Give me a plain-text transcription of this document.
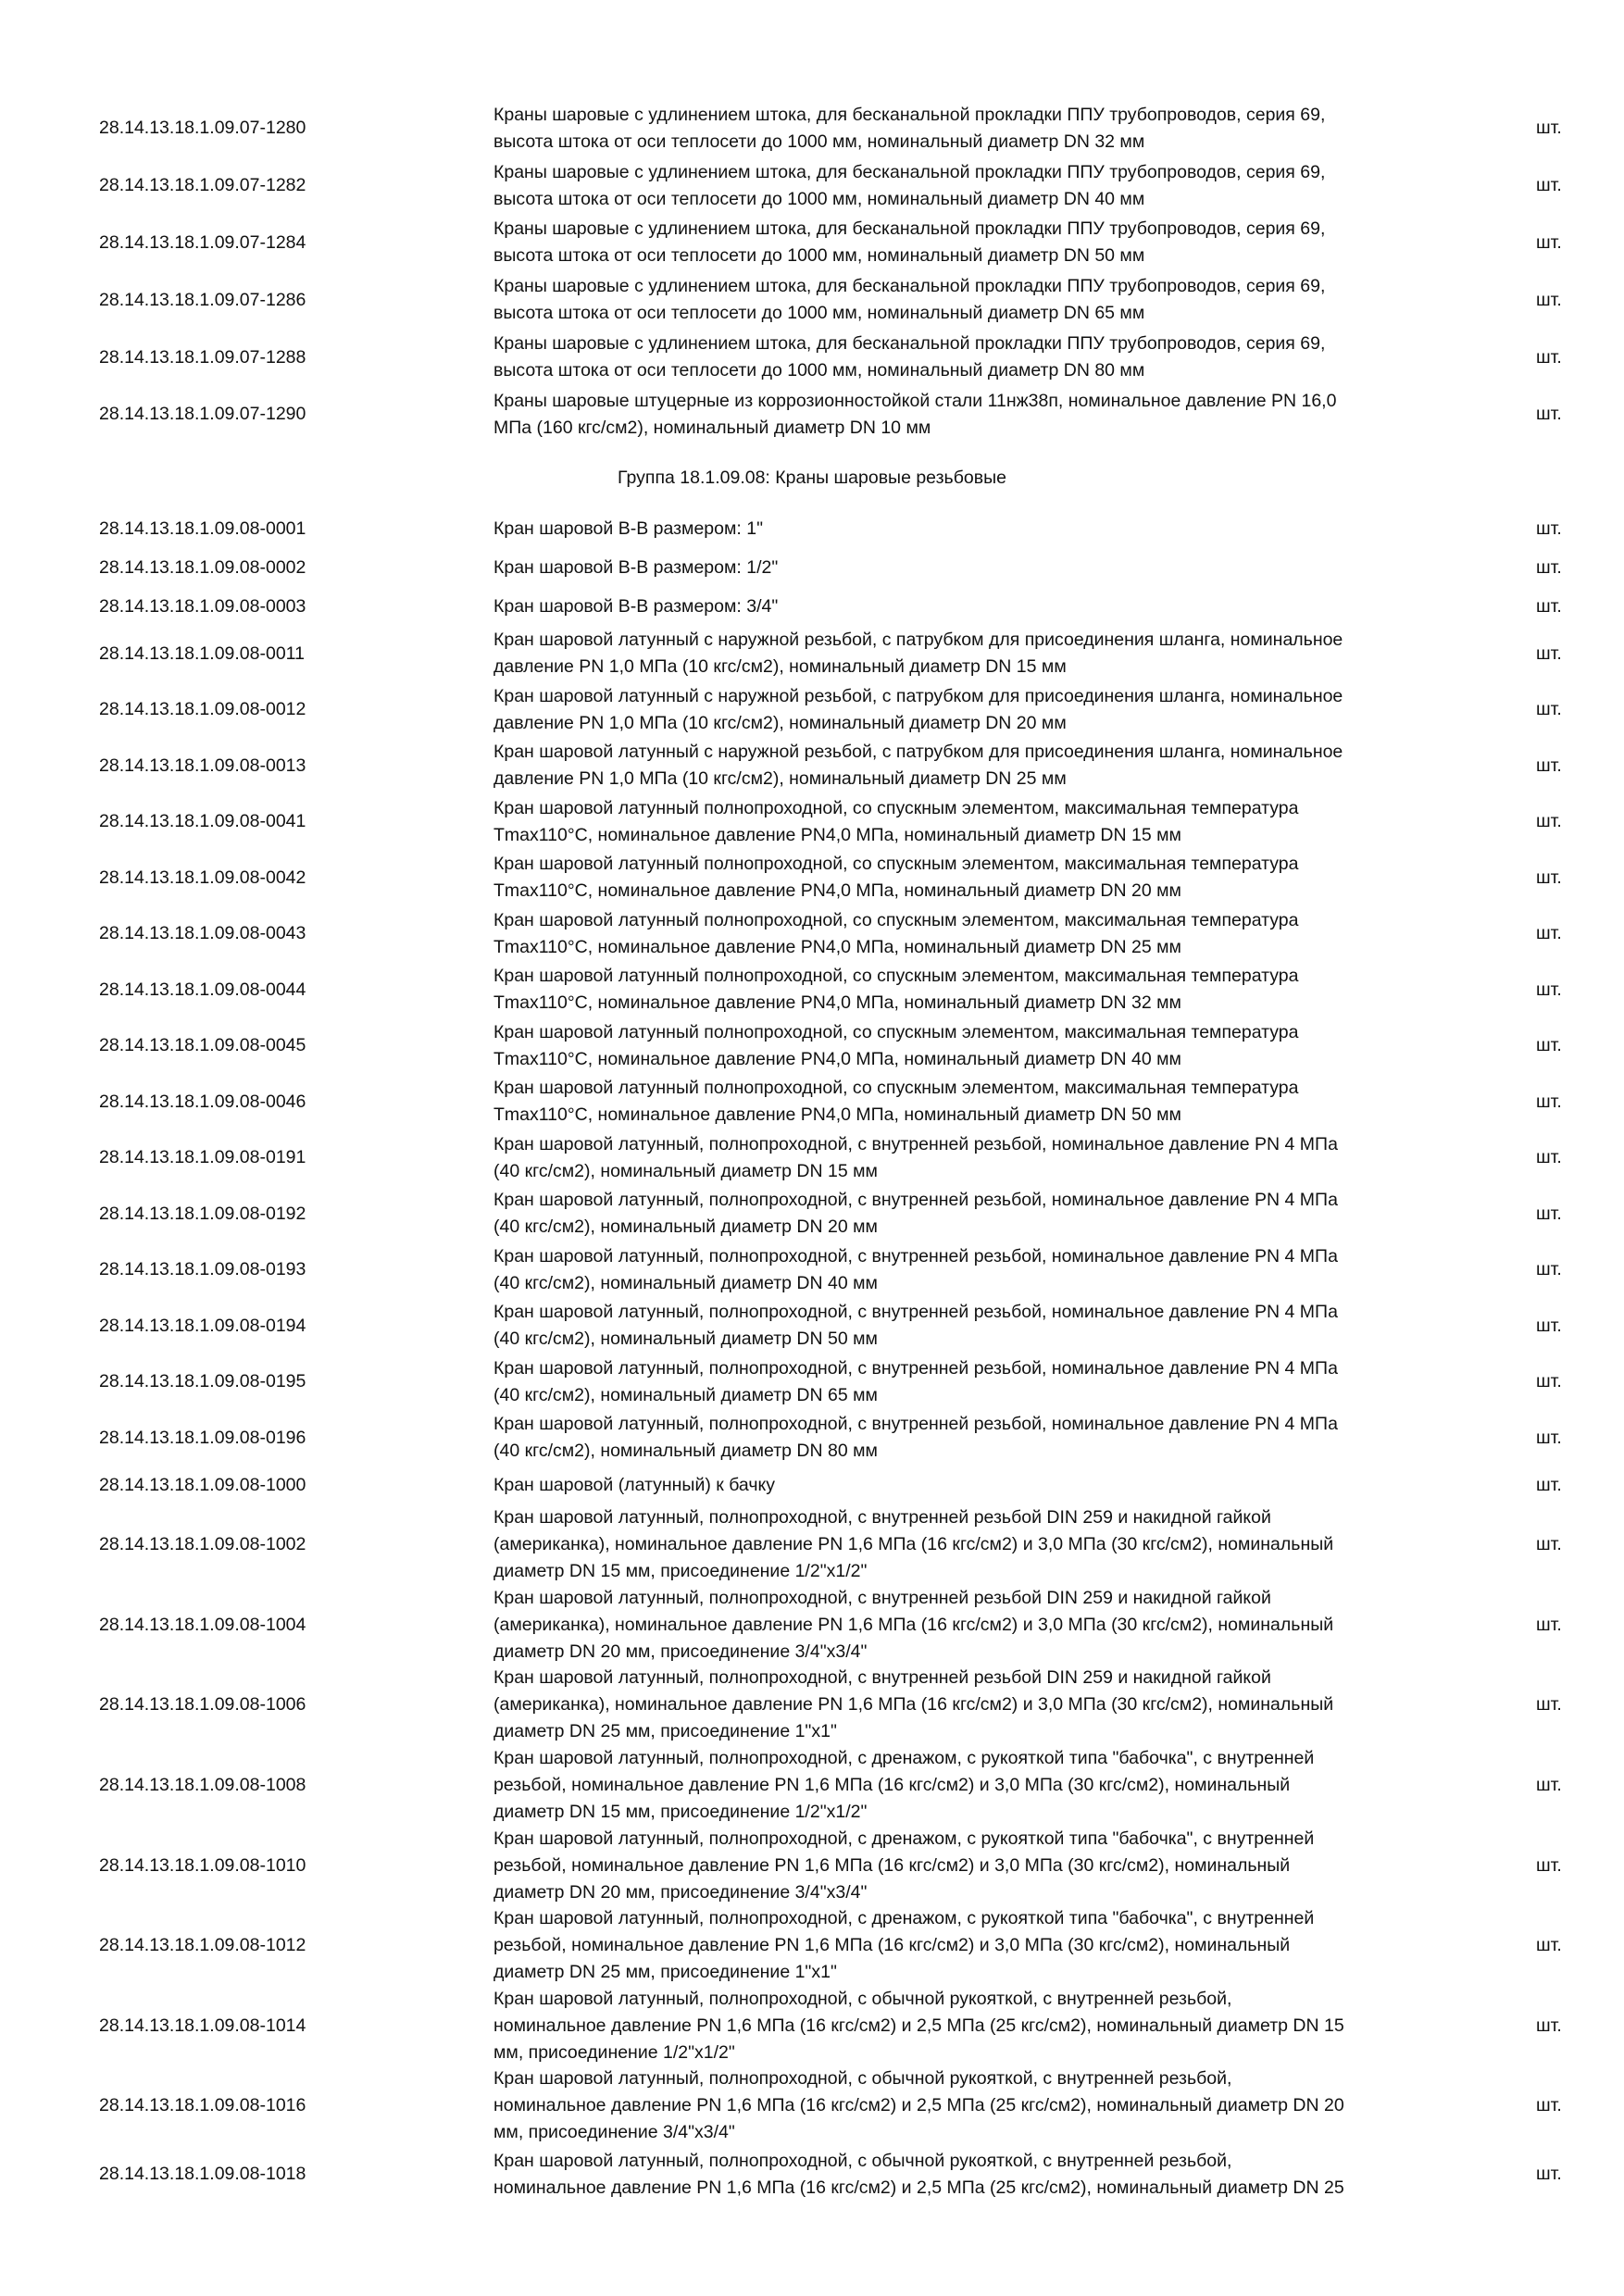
28.14.13.18.1.09.07-1280
Краны шаровые с удлинением штока, для бесканальной прокладки ППУ трубопроводов, серия 69,
высота штока от оси теплосети до 1000 мм, номинальный диаметр DN 32 мм
шт.
28.14.13.18.1.09.07-1282
Краны шаровые с удлинением штока, для бесканальной прокладки ППУ трубопроводов, серия 69,
высота штока от оси теплосети до 1000 мм, номинальный диаметр DN 40 мм
шт.
28.14.13.18.1.09.07-1284
Краны шаровые с удлинением штока, для бесканальной прокладки ППУ трубопроводов, серия 69,
высота штока от оси теплосети до 1000 мм, номинальный диаметр DN 50 мм
шт.
28.14.13.18.1.09.07-1286
Краны шаровые с удлинением штока, для бесканальной прокладки ППУ трубопроводов, серия 69,
высота штока от оси теплосети до 1000 мм, номинальный диаметр DN 65 мм
шт.
28.14.13.18.1.09.07-1288
Краны шаровые с удлинением штока, для бесканальной прокладки ППУ трубопроводов, серия 69,
высота штока от оси теплосети до 1000 мм, номинальный диаметр DN 80 мм
шт.
28.14.13.18.1.09.07-1290
Краны шаровые штуцерные из коррозионностойкой стали 11нж38п, номинальное давление PN 16,0
МПа (160 кгс/см2), номинальный диаметр DN 10 мм
шт.
Группа 18.1.09.08: Краны шаровые резьбовые
28.14.13.18.1.09.08-0001	Кран шаровой В-В размером: 1"	шт.
28.14.13.18.1.09.08-0002	Кран шаровой В-В размером: 1/2"	шт.
28.14.13.18.1.09.08-0003	Кран шаровой В-В размером: 3/4"	шт.
28.14.13.18.1.09.08-0011
Кран шаровой латунный с наружной резьбой, с патрубком для присоединения шланга, номинальное
давление PN 1,0 МПа (10 кгс/см2), номинальный диаметр DN 15 мм
шт.
28.14.13.18.1.09.08-0012
Кран шаровой латунный с наружной резьбой, с патрубком для присоединения шланга, номинальное
давление PN 1,0 МПа (10 кгс/см2), номинальный диаметр DN 20 мм
шт.
28.14.13.18.1.09.08-0013
Кран шаровой латунный с наружной резьбой, с патрубком для присоединения шланга, номинальное
давление PN 1,0 МПа (10 кгс/см2), номинальный диаметр DN 25 мм
шт.
28.14.13.18.1.09.08-0041
Кран шаровой латунный полнопроходной, со спускным элементом, максимальная температура
Tmax110°C, номинальное давление PN4,0 МПа, номинальный диаметр DN 15 мм
шт.
28.14.13.18.1.09.08-0042
Кран шаровой латунный полнопроходной, со спускным элементом, максимальная температура
Tmax110°C, номинальное давление PN4,0 МПа, номинальный диаметр DN 20 мм
шт.
28.14.13.18.1.09.08-0043
Кран шаровой латунный полнопроходной, со спускным элементом, максимальная температура
Tmax110°C, номинальное давление PN4,0 МПа, номинальный диаметр DN 25 мм
шт.
28.14.13.18.1.09.08-0044
Кран шаровой латунный полнопроходной, со спускным элементом, максимальная температура
Tmax110°C, номинальное давление PN4,0 МПа, номинальный диаметр DN 32 мм
шт.
28.14.13.18.1.09.08-0045
Кран шаровой латунный полнопроходной, со спускным элементом, максимальная температура
Tmax110°C, номинальное давление PN4,0 МПа, номинальный диаметр DN 40 мм
шт.
28.14.13.18.1.09.08-0046
Кран шаровой латунный полнопроходной, со спускным элементом, максимальная температура
Tmax110°C, номинальное давление PN4,0 МПа, номинальный диаметр DN 50 мм
шт.
28.14.13.18.1.09.08-0191
Кран шаровой латунный, полнопроходной, с внутренней резьбой, номинальное давление PN 4 МПа
(40 кгс/см2), номинальный диаметр DN 15 мм
шт.
28.14.13.18.1.09.08-0192
Кран шаровой латунный, полнопроходной, с внутренней резьбой, номинальное давление PN 4 МПа
(40 кгс/см2), номинальный диаметр DN 20 мм
шт.
28.14.13.18.1.09.08-0193
Кран шаровой латунный, полнопроходной, с внутренней резьбой, номинальное давление PN 4 МПа
(40 кгс/см2), номинальный диаметр DN 40 мм
шт.
28.14.13.18.1.09.08-0194
Кран шаровой латунный, полнопроходной, с внутренней резьбой, номинальное давление PN 4 МПа
(40 кгс/см2), номинальный диаметр DN 50 мм
шт.
28.14.13.18.1.09.08-0195
Кран шаровой латунный, полнопроходной, с внутренней резьбой, номинальное давление PN 4 МПа
(40 кгс/см2), номинальный диаметр DN 65 мм
шт.
28.14.13.18.1.09.08-0196
Кран шаровой латунный, полнопроходной, с внутренней резьбой, номинальное давление PN 4 МПа
(40 кгс/см2), номинальный диаметр DN 80 мм
шт.
28.14.13.18.1.09.08-1000	Кран шаровой (латунный) к бачку	шт.
28.14.13.18.1.09.08-1002
Кран шаровой латунный, полнопроходной, с внутренней резьбой DIN 259 и накидной гайкой
(американка), номинальное давление PN 1,6 МПа (16 кгс/см2) и 3,0 МПа (30 кгс/см2), номинальный
диаметр DN 15 мм, присоединение 1/2"x1/2"
шт.
28.14.13.18.1.09.08-1004
Кран шаровой латунный, полнопроходной, с внутренней резьбой DIN 259 и накидной гайкой
(американка), номинальное давление PN 1,6 МПа (16 кгс/см2) и 3,0 МПа (30 кгс/см2), номинальный
диаметр DN 20 мм, присоединение 3/4"x3/4"
шт.
28.14.13.18.1.09.08-1006
Кран шаровой латунный, полнопроходной, с внутренней резьбой DIN 259 и накидной гайкой
(американка), номинальное давление PN 1,6 МПа (16 кгс/см2) и 3,0 МПа (30 кгс/см2), номинальный
диаметр DN 25 мм, присоединение 1"x1"
шт.
28.14.13.18.1.09.08-1008
Кран шаровой латунный, полнопроходной, с дренажом, с рукояткой типа "бабочка", с внутренней
резьбой, номинальное давление PN 1,6 МПа (16 кгс/см2) и 3,0 МПа (30 кгс/см2), номинальный
диаметр DN 15 мм, присоединение 1/2"x1/2"
шт.
28.14.13.18.1.09.08-1010
Кран шаровой латунный, полнопроходной, с дренажом, с рукояткой типа "бабочка", с внутренней
резьбой, номинальное давление PN 1,6 МПа (16 кгс/см2) и 3,0 МПа (30 кгс/см2), номинальный
диаметр DN 20 мм, присоединение 3/4"x3/4"
шт.
28.14.13.18.1.09.08-1012
Кран шаровой латунный, полнопроходной, с дренажом, с рукояткой типа "бабочка", с внутренней
резьбой, номинальное давление PN 1,6 МПа (16 кгс/см2) и 3,0 МПа (30 кгс/см2), номинальный
диаметр DN 25 мм, присоединение 1"x1"
шт.
28.14.13.18.1.09.08-1014
Кран шаровой латунный, полнопроходной, с обычной рукояткой, с внутренней резьбой,
номинальное давление PN 1,6 МПа (16 кгс/см2) и 2,5 МПа (25 кгс/см2), номинальный диаметр DN 15
мм, присоединение 1/2"x1/2"
шт.
28.14.13.18.1.09.08-1016
Кран шаровой латунный, полнопроходной, с обычной рукояткой, с внутренней резьбой,
номинальное давление PN 1,6 МПа (16 кгс/см2) и 2,5 МПа (25 кгс/см2), номинальный диаметр DN 20
мм, присоединение 3/4"x3/4"
шт.
28.14.13.18.1.09.08-1018
Кран шаровой латунный, полнопроходной, с обычной рукояткой, с внутренней резьбой,
номинальное давление PN 1,6 МПа (16 кгс/см2) и 2,5 МПа (25 кгс/см2), номинальный диаметр DN 25
шт.
